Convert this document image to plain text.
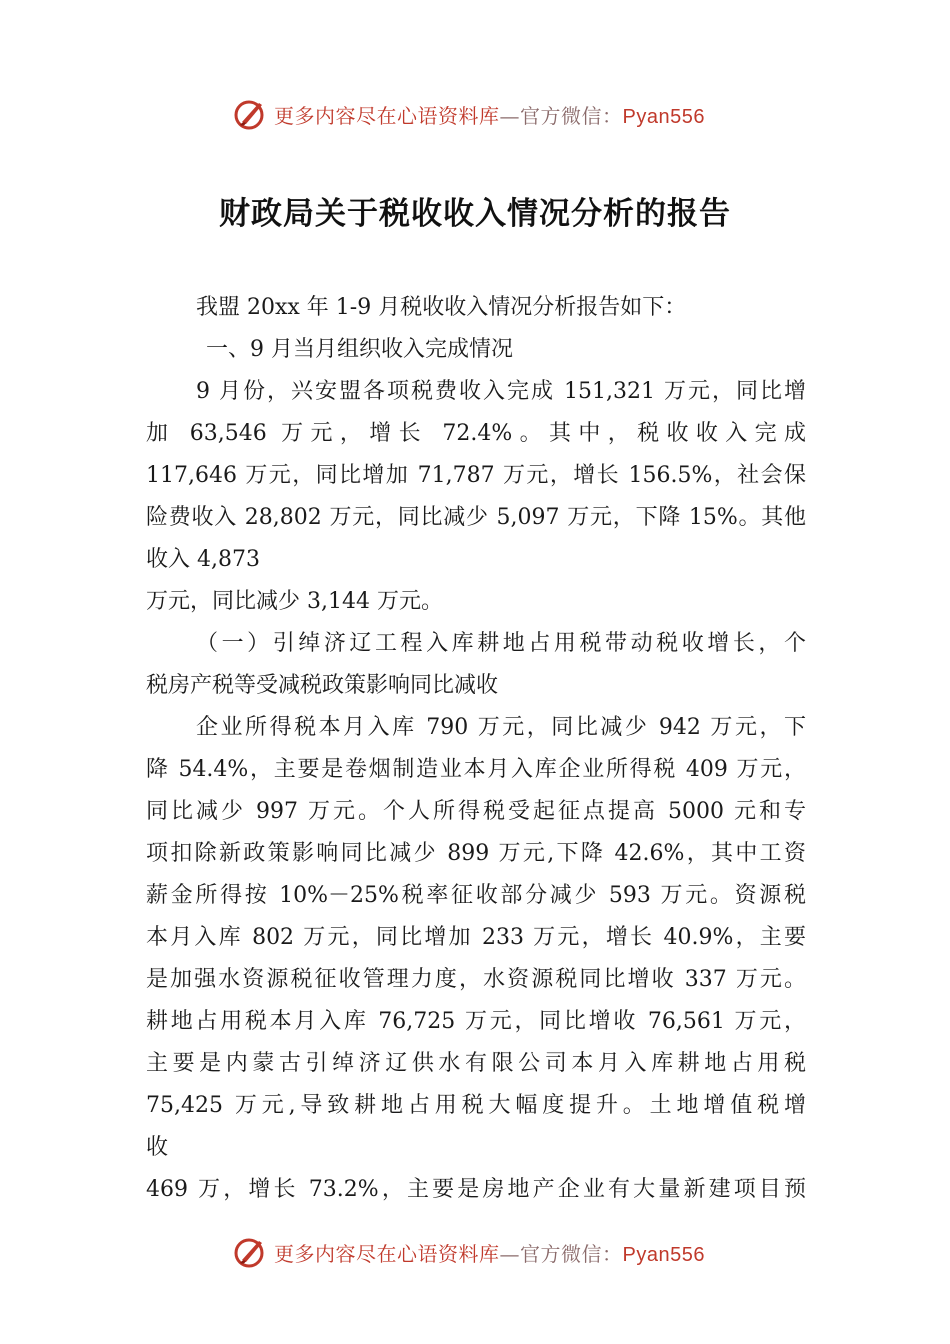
更多内容尽在心语资料库—官方微信：Pyan556
财政局关于税收收入情况分析的报告
我盟 20xx 年 1-9 月税收收入情况分析报告如下：
一、9 月当月组织收入完成情况
9 月份，兴安盟各项税费收入完成 151,321 万元，同比增
加 63,546 万元，增长 72.4%。其中，税收收入完成
117,646 万元，同比增加 71,787 万元，增长 156.5%，社会保
险费收入 28,802 万元，同比减少 5,097 万元，下降 15%。其他
收入 4,873
万元，同比减少 3,144 万元。
（一）引绰济辽工程入库耕地占用税带动税收增长，个
税房产税等受减税政策影响同比减收
企业所得税本月入库 790 万元，同比减少 942 万元，下
降 54.4%，主要是卷烟制造业本月入库企业所得税 409 万元，
同比减少 997 万元。个人所得税受起征点提高 5000 元和专
项扣除新政策影响同比减少 899 万元,下降 42.6%，其中工资
薪金所得按 10%－25%税率征收部分减少 593 万元。资源税
本月入库 802 万元，同比增加 233 万元，增长 40.9%，主要
是加强水资源税征收管理力度，水资源税同比增收 337 万元。
耕地占用税本月入库 76,725 万元，同比增收 76,561 万元，
主要是内蒙古引绰济辽供水有限公司本月入库耕地占用税
75,425 万元,导致耕地占用税大幅度提升。土地增值税增
收
469 万，增长 73.2%，主要是房地产企业有大量新建项目预
更多内容尽在心语资料库—官方微信：Pyan556
